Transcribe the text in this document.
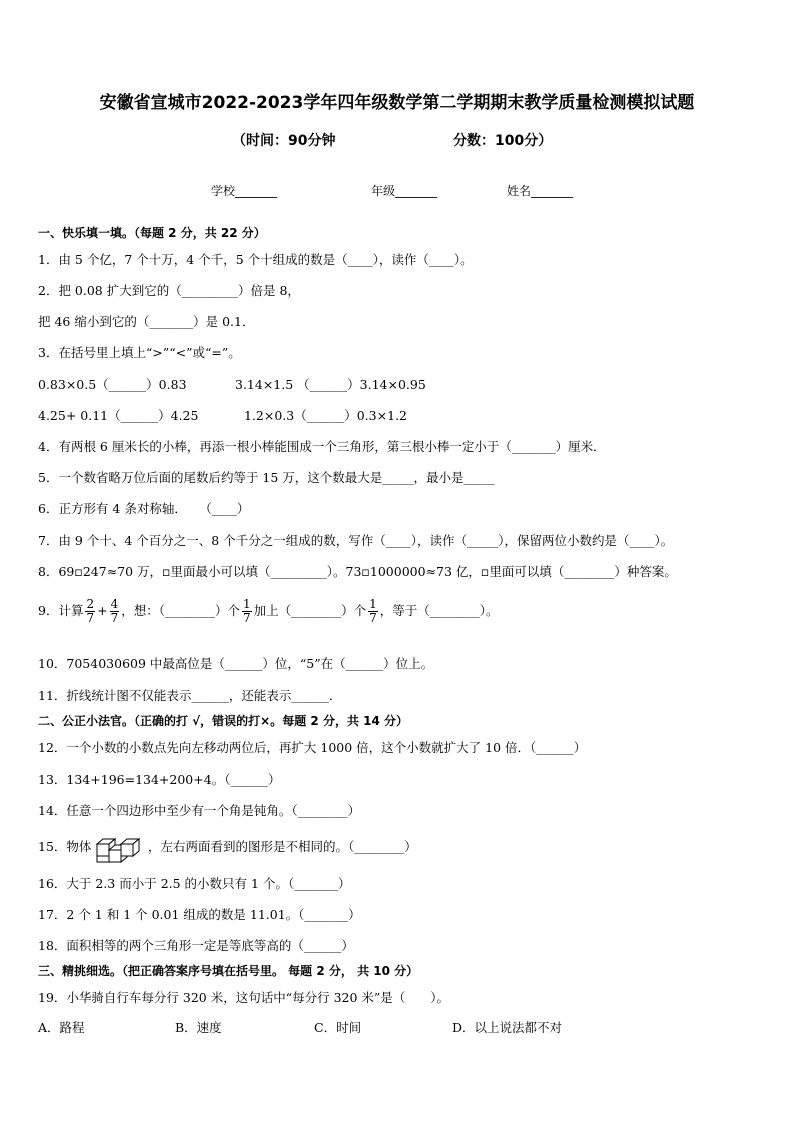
安徽省宣城市2022-2023学年四年级数学第二学期期末教学质量检测模拟试题
（时间：90分钟	分数：100分）
学校_______	年级_______	姓名_______
一、快乐填一填。（每题 2 分，共 22 分）
1．由 5 个亿，7 个十万，4 个千，5 个十组成的数是（____），读作（____）。
2．把 0.08 扩大到它的（_________）倍是 8，
把 46 缩小到它的（_______）是 0.1．
3．在括号里上填上“>”“<”或“=”。
0.83×0.5（______）0.83	3.14×1.5 （______）3.14×0.95
4.25+ 0.11（______）4.25	1.2×0.3（______）0.3×1.2
4．有两根 6 厘米长的小棒，再添一根小棒能围成一个三角形，第三根小棒一定小于（_______）厘米．
5．一个数省略万位后面的尾数后约等于 15 万，这个数最大是_____，最小是_____
6．正方形有 4 条对称轴．　　（____）
7．由 9 个十、4 个百分之一、8 个千分之一组成的数，写作（____），读作（_____），保留两位小数约是（____）。
8．69▫247≈70 万，▫里面最小可以填（_________）。73▫1000000≈73 亿，▫里面可以填（________）种答案。
9．计算 $\frac{2}{7} + \frac{4}{7}$ ，想：（________）个 $\frac{1}{7}$ 加上（________）个 $\frac{1}{7}$ ，等于（________）。
10．7054030609 中最高位是（______）位，“5”在（______）位上。
11．折线统计图不仅能表示______，还能表示______．
二、公正小法官。（正确的打 √，错误的打×。每题 2 分，共 14 分）
12．一个小数的小数点先向左移动两位后，再扩大 1000 倍，这个小数就扩大了 10 倍．（______）
13．134+196=134+200+4。（______）
14．任意一个四边形中至少有一个角是钝角。（________）
15．物体	，左右两面看到的图形是不相同的。（________）
16．大于 2.3 而小于 2.5 的小数只有 1 个。（_______）
17．2 个 1 和 1 个 0.01 组成的数是 11.01。（_______）
18．面积相等的两个三角形一定是等底等高的（______）
三、精挑细选。（把正确答案序号填在括号里。 每题 2 分， 共 10 分）
19．小华骑自行车每分行 320 米，这句话中“每分行 320 米”是（　　）。
A．路程	B．速度	C．时间	D．以上说法都不对
